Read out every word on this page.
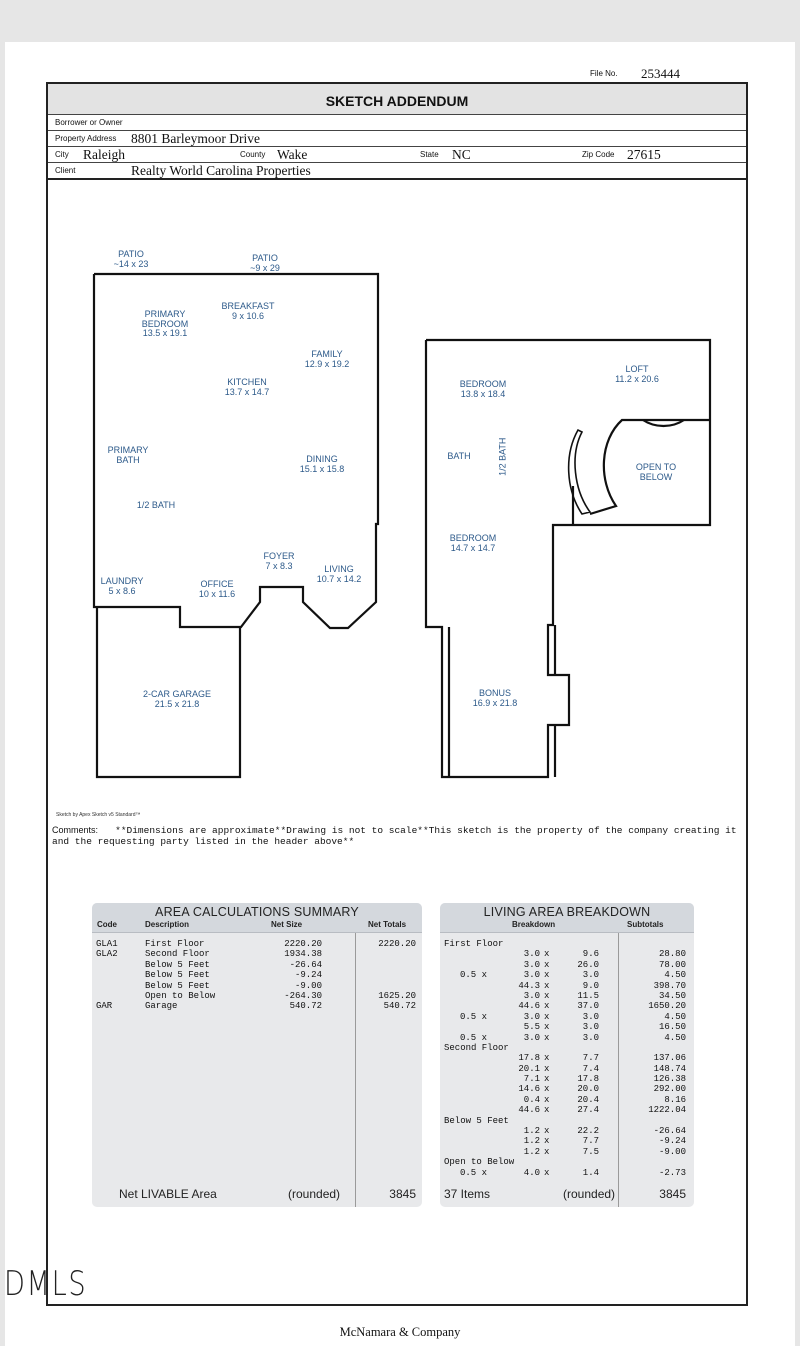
File No. 253444
SKETCH ADDENDUM
Borrower or Owner
Property Address 8801 Barleymoor Drive
City Raleigh	County Wake	State NC	Zip Code 27615
Client	Realty World Carolina Properties
PATIO
~14 x 23
PATIO
~9 x 29
PRIMARY
BEDROOM
13.5 x 19.1
BREAKFAST
9 x 10.6
FAMILY
12.9 x 19.2
KITCHEN
13.7 x 14.7
PRIMARY
BATH	DINING
15.1 x 15.8
1/2 BATH
FOYER
7 x 8.3	LIVING
10.7 x 14.2
LAUNDRY
5 x 8.6
OFFICE
10 x 11.6
2-CAR GARAGE
21.5 x 21.8
BEDROOM
13.8 x 18.4
LOFT
11.2 x 20.6
BATH	1/2 BATH	OPEN TO
BELOW
BEDROOM
14.7 x 14.7
BONUS
16.9 x 21.8
Sketch by Apex Sketch v5 Standard™
Comments: **Dimensions are approximate**Drawing is not to scale**This sketch is the property of the company creating it and the requesting party listed in the header above**
AREA CALCULATIONS SUMMARY
Code	Description	Net Size	Net Totals
GLA1	First Floor	2220.20	2220.20
GLA2	Second Floor	1934.38
Below 5 Feet	-26.64
Below 5 Feet	-9.24
Below 5 Feet	-9.00
Open to Below	-264.30	1625.20
GAR	Garage	540.72	540.72
Net LIVABLE Area	(rounded)	3845
LIVING AREA BREAKDOWN
Breakdown	Subtotals
First Floor
3.0 x	9.6	28.80
3.0 x	26.0	78.00
0.5 x	3.0 x	3.0	4.50
44.3 x	9.0	398.70
3.0 x	11.5	34.50
44.6 x	37.0	1650.20
0.5 x	3.0 x	3.0	4.50
5.5 x	3.0	16.50
0.5 x	3.0 x	3.0	4.50
Second Floor
17.8 x	7.7	137.06
20.1 x	7.4	148.74
7.1 x	17.8	126.38
14.6 x	20.0	292.00
0.4 x	20.4	8.16
44.6 x	27.4	1222.04
Below 5 Feet
1.2 x	22.2	-26.64
1.2 x	7.7	-9.24
1.2 x	7.5	-9.00
Open to Below
0.5 x	4.0 x	1.4	-2.73
37 Items	(rounded)	3845
DMLS
McNamara & Company
